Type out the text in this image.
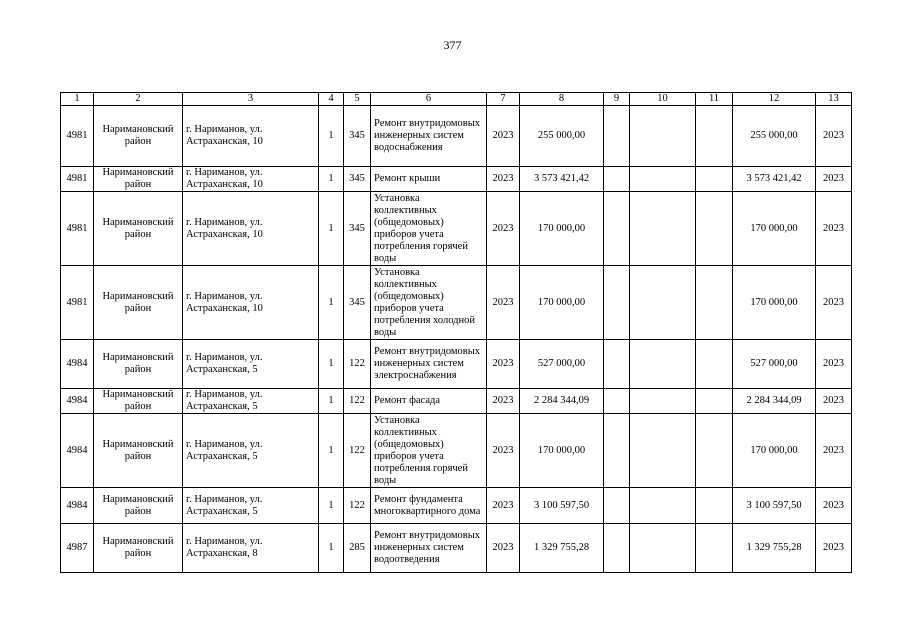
377
1	2	3	4	5	6	7	8	9	10	11	12	13
4981	Наримановский район	г. Нариманов, ул. Астраханская, 10	1	345	Ремонт внутридомовых инженерных систем водоснабжения	2023	255 000,00				255 000,00	2023
4981	Наримановский район	г. Нариманов, ул. Астраханская, 10	1	345	Ремонт крыши	2023	3 573 421,42				3 573 421,42	2023
4981	Наримановский район	г. Нариманов, ул. Астраханская, 10	1	345	Установка коллективных (общедомовых) приборов учета потребления горячей воды	2023	170 000,00				170 000,00	2023
4981	Наримановский район	г. Нариманов, ул. Астраханская, 10	1	345	Установка коллективных (общедомовых) приборов учета потребления холодной воды	2023	170 000,00				170 000,00	2023
4984	Наримановский район	г. Нариманов, ул. Астраханская, 5	1	122	Ремонт внутридомовых инженерных систем электроснабжения	2023	527 000,00				527 000,00	2023
4984	Наримановский район	г. Нариманов, ул. Астраханская, 5	1	122	Ремонт фасада	2023	2 284 344,09				2 284 344,09	2023
4984	Наримановский район	г. Нариманов, ул. Астраханская, 5	1	122	Установка коллективных (общедомовых) приборов учета потребления горячей воды	2023	170 000,00				170 000,00	2023
4984	Наримановский район	г. Нариманов, ул. Астраханская, 5	1	122	Ремонт фундамента многоквартирного дома	2023	3 100 597,50				3 100 597,50	2023
4987	Наримановский район	г. Нариманов, ул. Астраханская, 8	1	285	Ремонт внутридомовых инженерных систем водоотведения	2023	1 329 755,28				1 329 755,28	2023
